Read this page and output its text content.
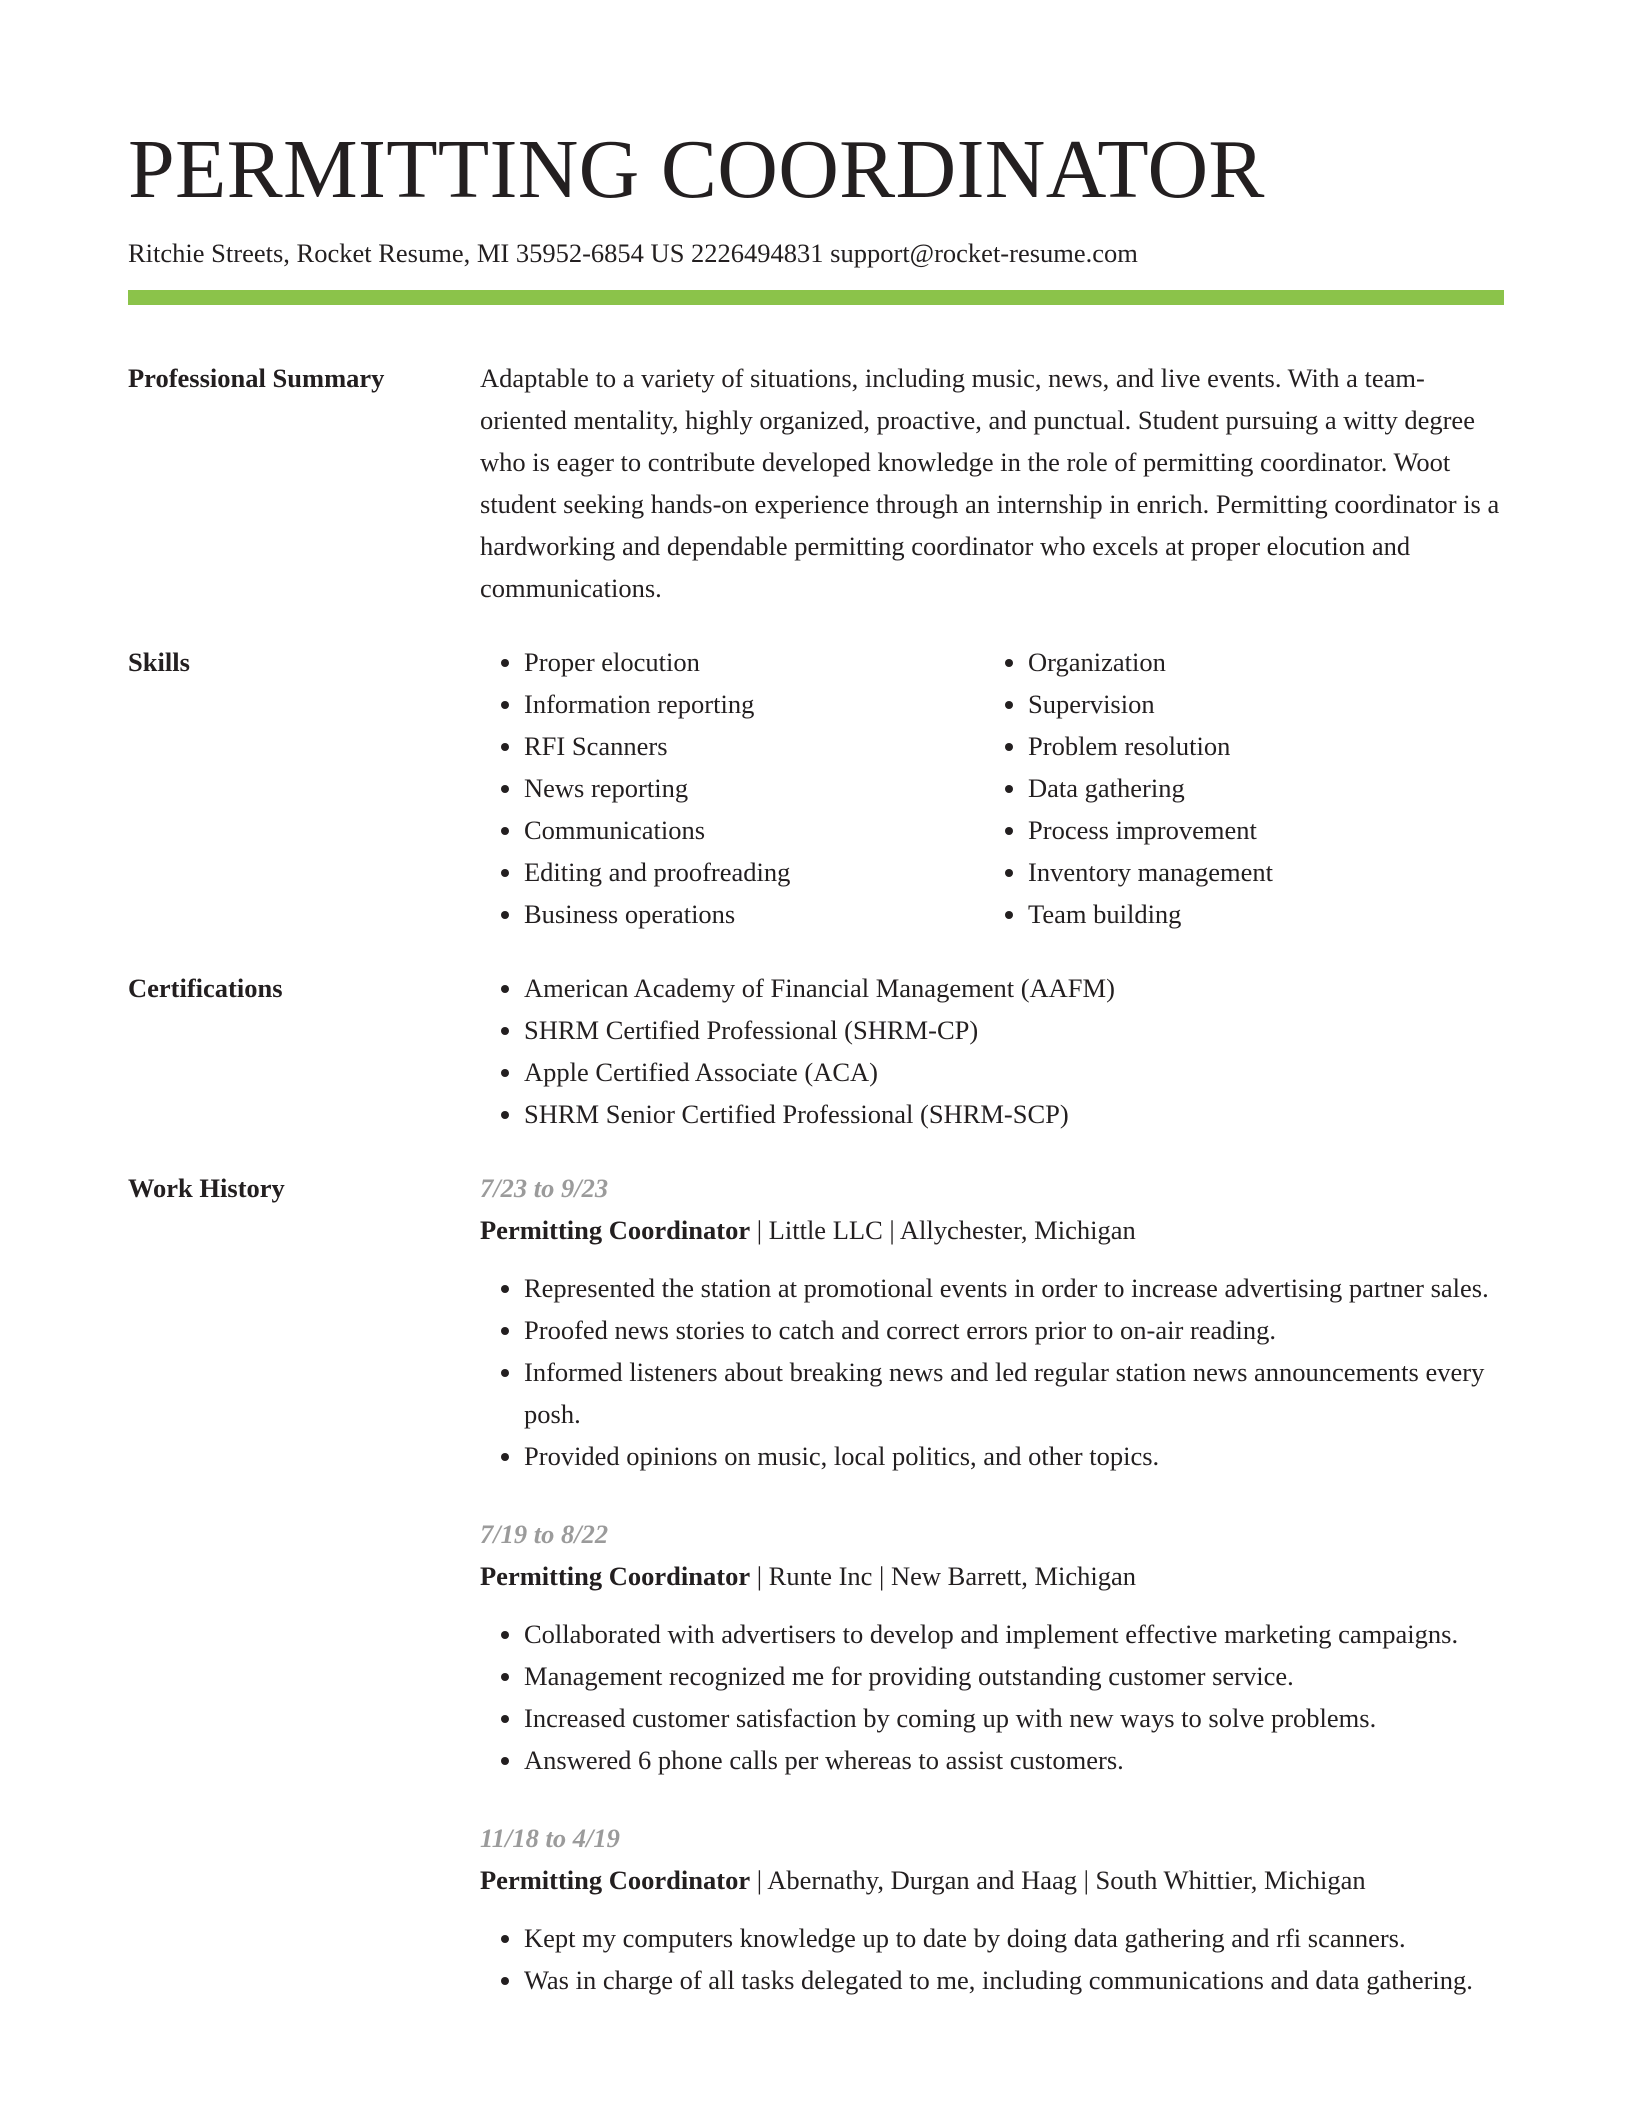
PERMITTING COORDINATOR
Ritchie Streets, Rocket Resume, MI 35952-6854 US 2226494831 support@rocket-resume.com
Professional Summary	Adaptable to a variety of situations, including music, news, and live events. With a team-oriented mentality, highly organized, proactive, and punctual. Student pursuing a witty degree who is eager to contribute developed knowledge in the role of permitting coordinator. Woot student seeking hands-on experience through an internship in enrich. Permitting coordinator is a hardworking and dependable permitting coordinator who excels at proper elocution and communications.

Skills	• Proper elocution
• Information reporting
• RFI Scanners
• News reporting
• Communications
• Editing and proofreading
• Business operations
• Organization
• Supervision
• Problem resolution
• Data gathering
• Process improvement
• Inventory management
• Team building
Certifications	• American Academy of Financial Management (AAFM)
• SHRM Certified Professional (SHRM-CP)
• Apple Certified Associate (ACA)
• SHRM Senior Certified Professional (SHRM-SCP)
Work History	7/23 to 9/23
Permitting Coordinator | Little LLC | Allychester, Michigan
• Represented the station at promotional events in order to increase advertising partner sales.
• Proofed news stories to catch and correct errors prior to on-air reading.
• Informed listeners about breaking news and led regular station news announcements every posh.
• Provided opinions on music, local politics, and other topics.
7/19 to 8/22
Permitting Coordinator | Runte Inc | New Barrett, Michigan
• Collaborated with advertisers to develop and implement effective marketing campaigns.
• Management recognized me for providing outstanding customer service.
• Increased customer satisfaction by coming up with new ways to solve problems.
• Answered 6 phone calls per whereas to assist customers.
11/18 to 4/19
Permitting Coordinator | Abernathy, Durgan and Haag | South Whittier, Michigan
• Kept my computers knowledge up to date by doing data gathering and rfi scanners.
• Was in charge of all tasks delegated to me, including communications and data gathering.
